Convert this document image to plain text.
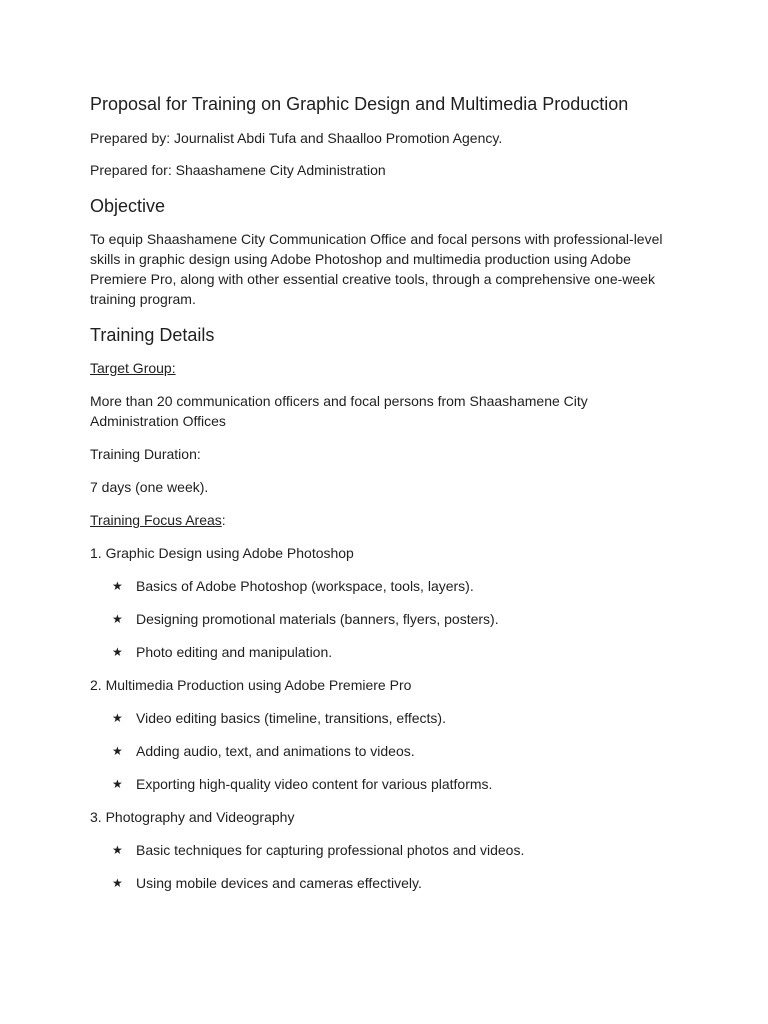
Proposal for Training on Graphic Design and Multimedia Production

Prepared by: Journalist Abdi Tufa and Shaalloo Promotion Agency.

Prepared for: Shaashamene City Administration

Objective

To equip Shaashamene City Communication Office and focal persons with professional-level skills in graphic design using Adobe Photoshop and multimedia production using Adobe Premiere Pro, along with other essential creative tools, through a comprehensive one-week training program.

Training Details

Target Group:

More than 20 communication officers and focal persons from Shaashamene City Administration Offices

Training Duration:

7 days (one week).

Training Focus Areas:

1. Graphic Design using Adobe Photoshop

★ Basics of Adobe Photoshop (workspace, tools, layers).
★ Designing promotional materials (banners, flyers, posters).
★ Photo editing and manipulation.

2. Multimedia Production using Adobe Premiere Pro

★ Video editing basics (timeline, transitions, effects).
★ Adding audio, text, and animations to videos.
★ Exporting high-quality video content for various platforms.

3. Photography and Videography

★ Basic techniques for capturing professional photos and videos.
★ Using mobile devices and cameras effectively.
